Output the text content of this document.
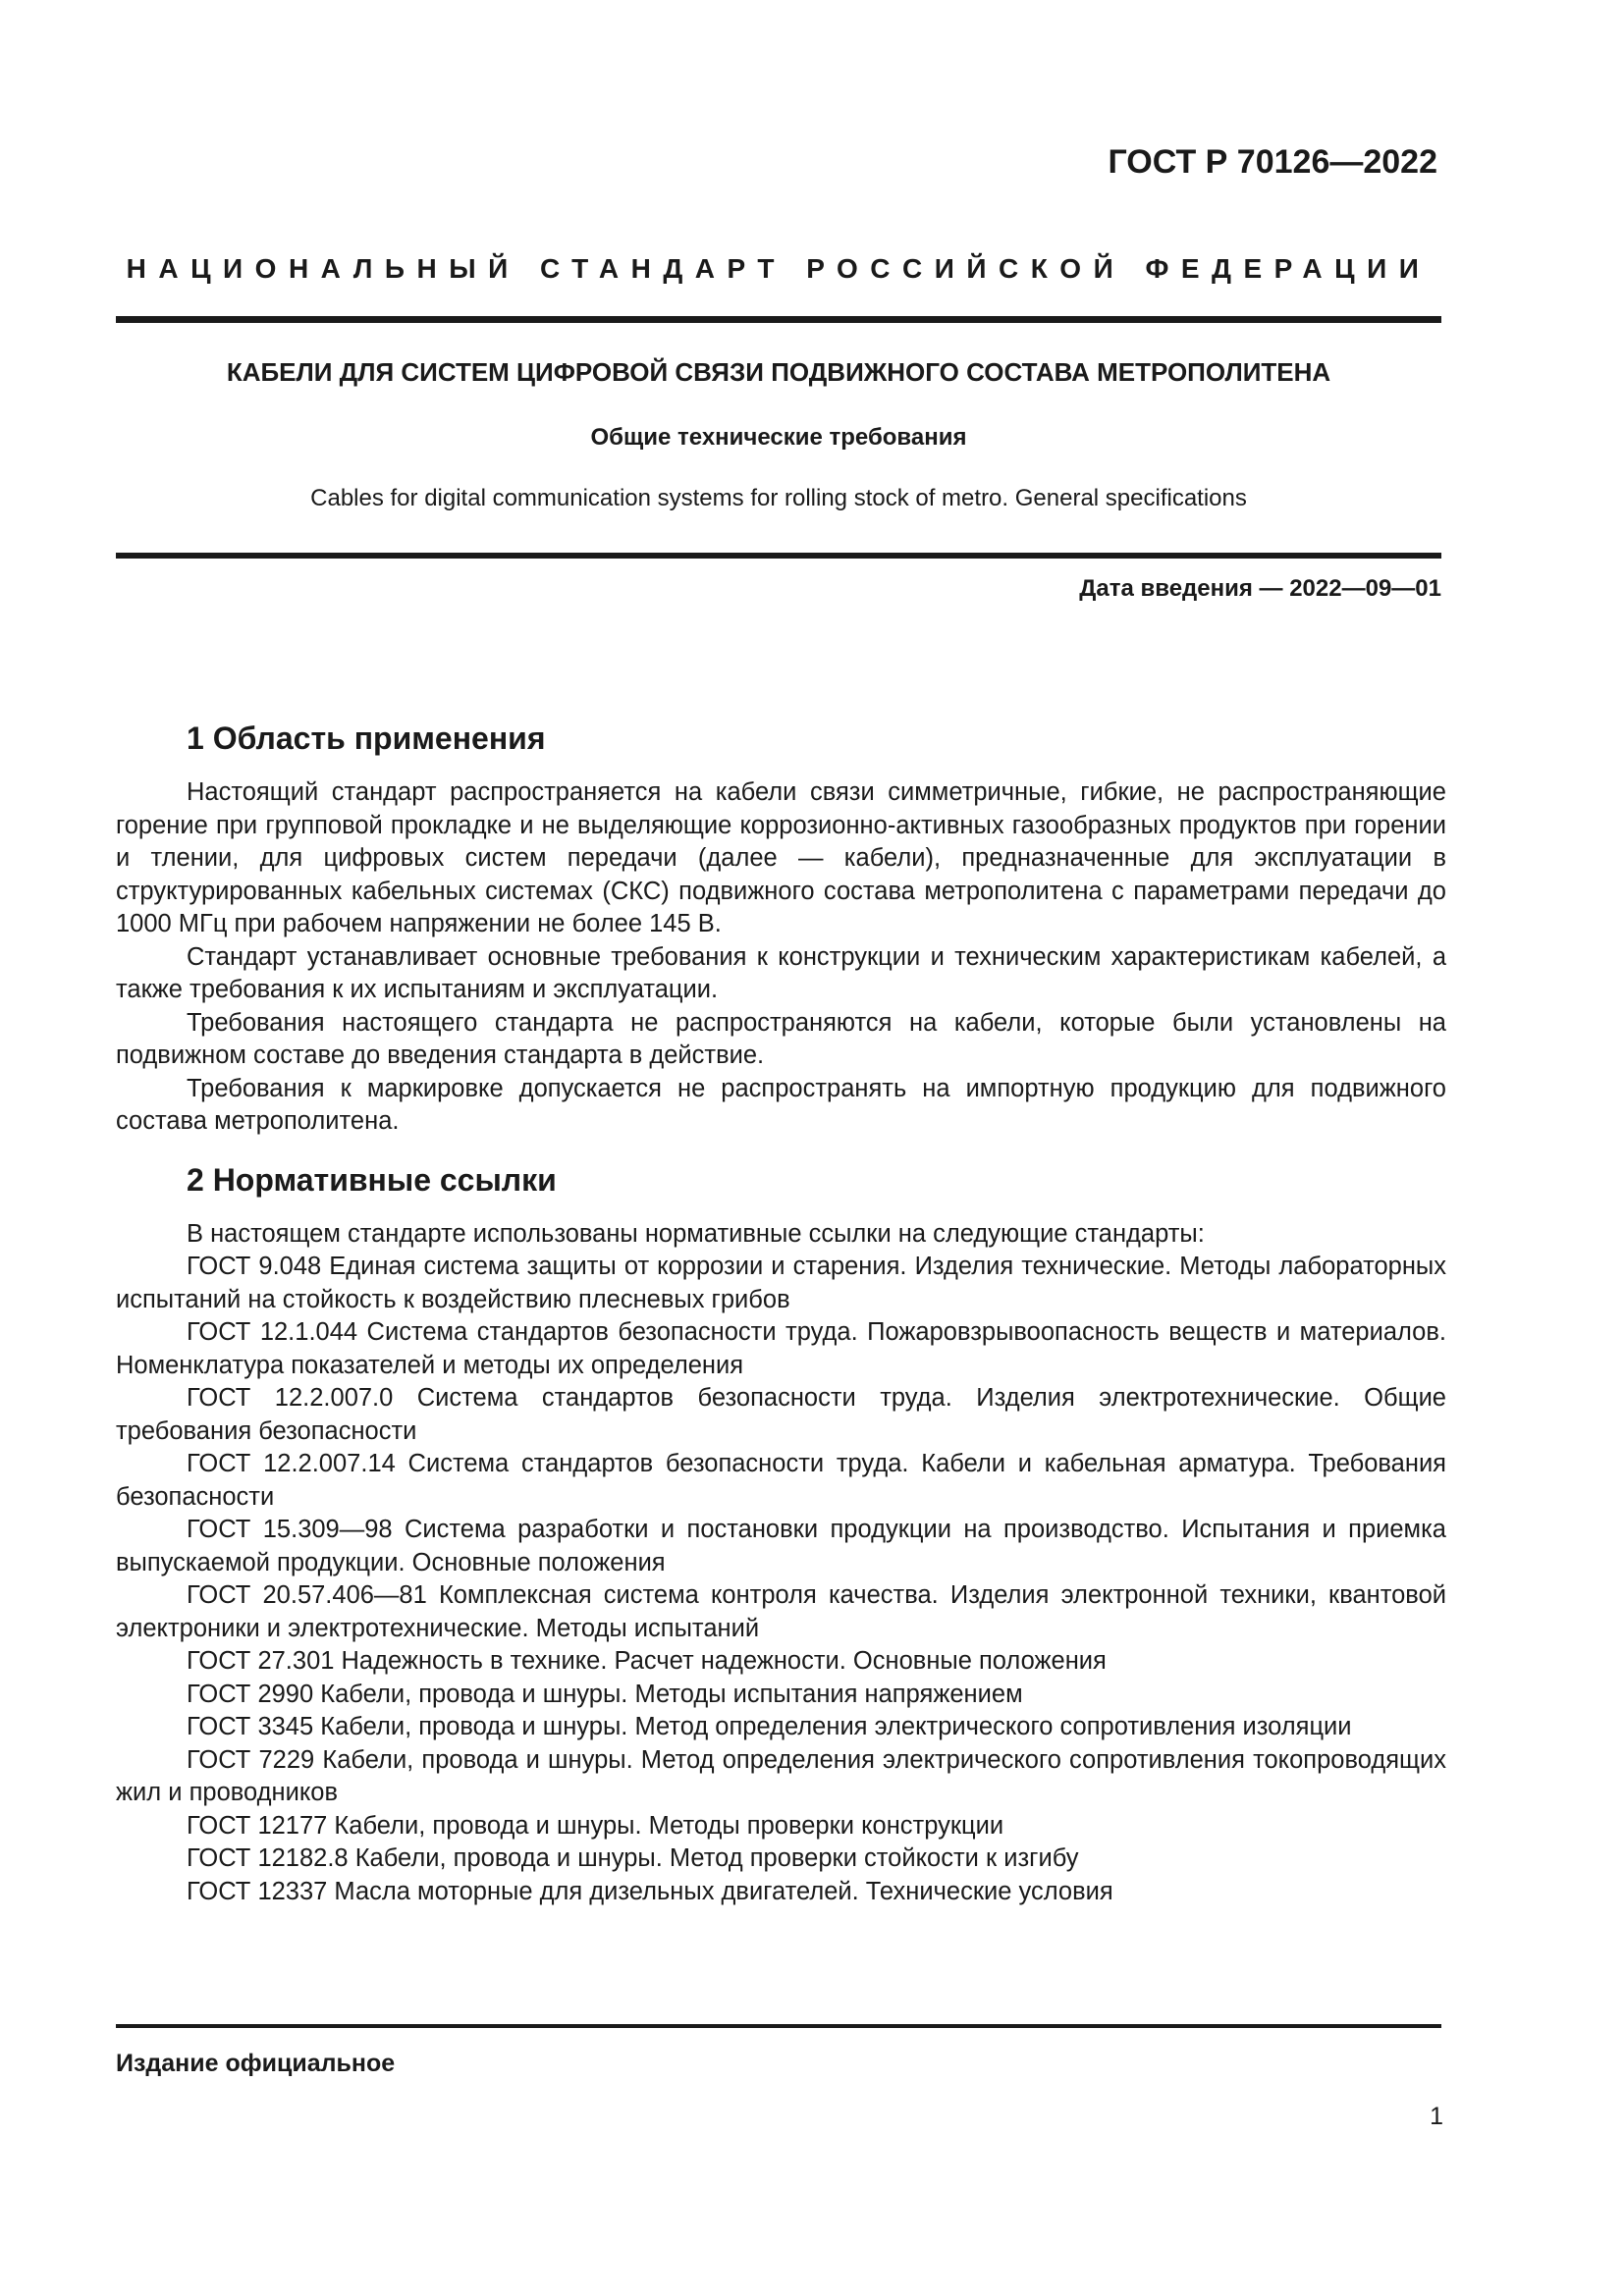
ГОСТ Р 70126—2022

НАЦИОНАЛЬНЫЙ СТАНДАРТ РОССИЙСКОЙ ФЕДЕРАЦИИ

КАБЕЛИ ДЛЯ СИСТЕМ ЦИФРОВОЙ СВЯЗИ ПОДВИЖНОГО СОСТАВА МЕТРОПОЛИТЕНА

Общие технические требования

Cables for digital communication systems for rolling stock of metro. General specifications

Дата введения — 2022—09—01

1 Область применения

Настоящий стандарт распространяется на кабели связи симметричные, гибкие, не распространяющие горение при групповой прокладке и не выделяющие коррозионно-активных газообразных продуктов при горении и тлении, для цифровых систем передачи (далее — кабели), предназначенные для эксплуатации в структурированных кабельных системах (СКС) подвижного состава метрополитена с параметрами передачи до 1000 МГц при рабочем напряжении не более 145 В.

Стандарт устанавливает основные требования к конструкции и техническим характеристикам кабелей, а также требования к их испытаниям и эксплуатации.

Требования настоящего стандарта не распространяются на кабели, которые были установлены на подвижном составе до введения стандарта в действие.

Требования к маркировке допускается не распространять на импортную продукцию для подвижного состава метрополитена.

2 Нормативные ссылки

В настоящем стандарте использованы нормативные ссылки на следующие стандарты:

ГОСТ 9.048 Единая система защиты от коррозии и старения. Изделия технические. Методы лабораторных испытаний на стойкость к воздействию плесневых грибов

ГОСТ 12.1.044 Система стандартов безопасности труда. Пожаровзрывоопасность веществ и материалов. Номенклатура показателей и методы их определения

ГОСТ 12.2.007.0 Система стандартов безопасности труда. Изделия электротехнические. Общие требования безопасности

ГОСТ 12.2.007.14 Система стандартов безопасности труда. Кабели и кабельная арматура. Требования безопасности

ГОСТ 15.309—98 Система разработки и постановки продукции на производство. Испытания и приемка выпускаемой продукции. Основные положения

ГОСТ 20.57.406—81 Комплексная система контроля качества. Изделия электронной техники, квантовой электроники и электротехнические. Методы испытаний

ГОСТ 27.301 Надежность в технике. Расчет надежности. Основные положения

ГОСТ 2990 Кабели, провода и шнуры. Методы испытания напряжением

ГОСТ 3345 Кабели, провода и шнуры. Метод определения электрического сопротивления изоляции

ГОСТ 7229 Кабели, провода и шнуры. Метод определения электрического сопротивления токопроводящих жил и проводников

ГОСТ 12177 Кабели, провода и шнуры. Методы проверки конструкции

ГОСТ 12182.8 Кабели, провода и шнуры. Метод проверки стойкости к изгибу

ГОСТ 12337 Масла моторные для дизельных двигателей. Технические условия

Издание официальное

1
